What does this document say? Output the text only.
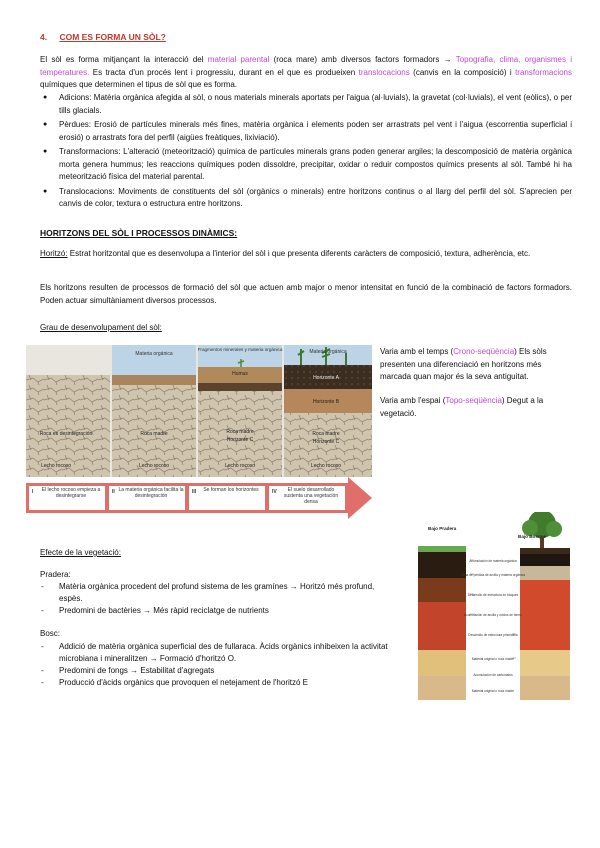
4. COM ES FORMA UN SÒL?
El sòl es forma mitjançant la interacció del material parental (roca mare) amb diversos factors formadors → Topografia, clima, organismes i temperatures. Es tracta d'un procés lent i progressiu, durant en el que es produeixen translocacions (canvis en la composició) i transformacions químiques que determinen el tipus de sòl que es forma.
● Adicions: Matèria orgànica afegida al sòl, o nous materials minerals aportats per l'aigua (al·luvials), la gravetat (col·luvials), el vent (eòlics), o per tills glacials.
● Pèrdues: Erosió de partícules minerals més fines, matèria orgànica i elements poden ser arrastrats pel vent i l'aigua (escorrentia superficial i erosió) o arrastrats fora del perfil (aigües freàtiques, lixiviació).
● Transformacions: L'alteració (meteorització) química de partícules minerals grans poden generar argiles; la descomposició de matèria orgànica morta genera hummus; les reaccions químiques poden dissoldre, precipitar, oxidar o reduir compostos químics presents al sòl. També hi ha meteorització física del material parental.
● Translocacions: Moviments de constituents del sòl (orgànics o minerals) entre horitzons continus o al llarg del perfil del sòl. S'aprecien per canvis de color, textura o estructura entre horitzons.
HORITZONS DEL SÒL I PROCESSOS DINÀMICS:
Horitzó: Estrat horitzontal que es desenvolupa a l'interior del sòl i que presenta diferents caràcters de composició, textura, adherència, etc.
Els horitzons resulten de processos de formació del sòl que actuen amb major o menor intensitat en funció de la combinació de factors formadors. Poden actuar simultàniament diversos processos.
Grau de desenvolupament del sòl:
Materia orgánica
Fragmentos minerales y materia orgánica	Materia orgánica
Humus
Horizonte A
Horizonte B
Horizonte C	Horizonte C
Roca en desintegración	Roca madre	Roca madre	Roca madre
Lecho rocoso	Lecho rocoso	Lecho rocoso	Lecho rocoso
I	II	III	IV
El lecho rocoso empieza a desintegrarse
La materia orgánica facilita la desintegración
Se forman los horizontes	El suelo desarrollado sustenta una vegetación densa
Varia amb el temps (Crono-seqüència) Els sòls presenten una diferenciació en horitzons més marcada quan major és la seva antiguitat.
Varia amb l'espai (Topo-seqüència) Degut a la vegetació.
Efecte de la vegetació:
Pradera:
- Matèria orgànica procedent del profund sistema de les gramínes → Horitzó més profund, espès.
- Predomini de bactèries → Més ràpid reciclatge de nutrients
Bosc:
- Addició de matèria orgànica superficial des de fullaraca. Àcids orgànics inhibeixen la activitat microbiana i mineralitzen → Formació d'horitzó O.
- Predomini de fongs → Estabilitat d'agregats
- Producció d'àcids orgànics que provoquen el netejament de l'horitzó E
Bajo Pradera
Bajo Bosque
Acumulación de materia orgánica
Zona de pérdida de arcilla y materia orgánica
Desarrollo de estructura en bloques
Acumulación de arcilla y óxidos de hierro
Desarrollo de estructura prismática
Material original o roca madre
Acumulación de carbonatos
Material original o roca madre
